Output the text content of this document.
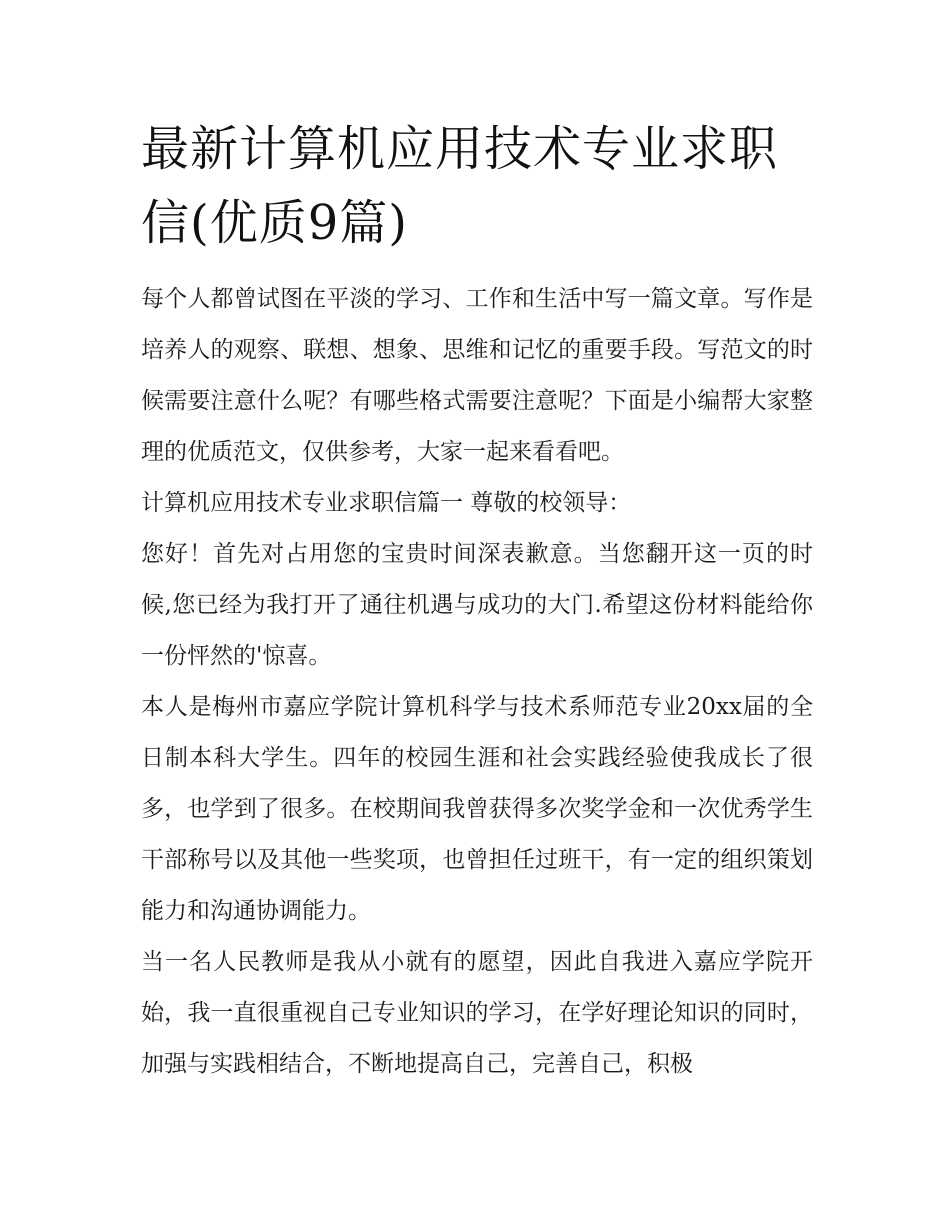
最新计算机应用技术专业求职信(优质9篇)

每个人都曾试图在平淡的学习、工作和生活中写一篇文章。写作是培养人的观察、联想、想象、思维和记忆的重要手段。写范文的时候需要注意什么呢？有哪些格式需要注意呢？下面是小编帮大家整理的优质范文，仅供参考，大家一起来看看吧。

计算机应用技术专业求职信篇一 尊敬的校领导：

您好！首先对占用您的宝贵时间深表歉意。当您翻开这一页的时候,您已经为我打开了通往机遇与成功的大门.希望这份材料能给你一份怦然的'惊喜。

本人是梅州市嘉应学院计算机科学与技术系师范专业20xx届的全日制本科大学生。四年的校园生涯和社会实践经验使我成长了很多，也学到了很多。在校期间我曾获得多次奖学金和一次优秀学生干部称号以及其他一些奖项，也曾担任过班干，有一定的组织策划能力和沟通协调能力。

当一名人民教师是我从小就有的愿望，因此自我进入嘉应学院开始，我一直很重视自己专业知识的学习，在学好理论知识的同时，加强与实践相结合，不断地提高自己，完善自己，积极
